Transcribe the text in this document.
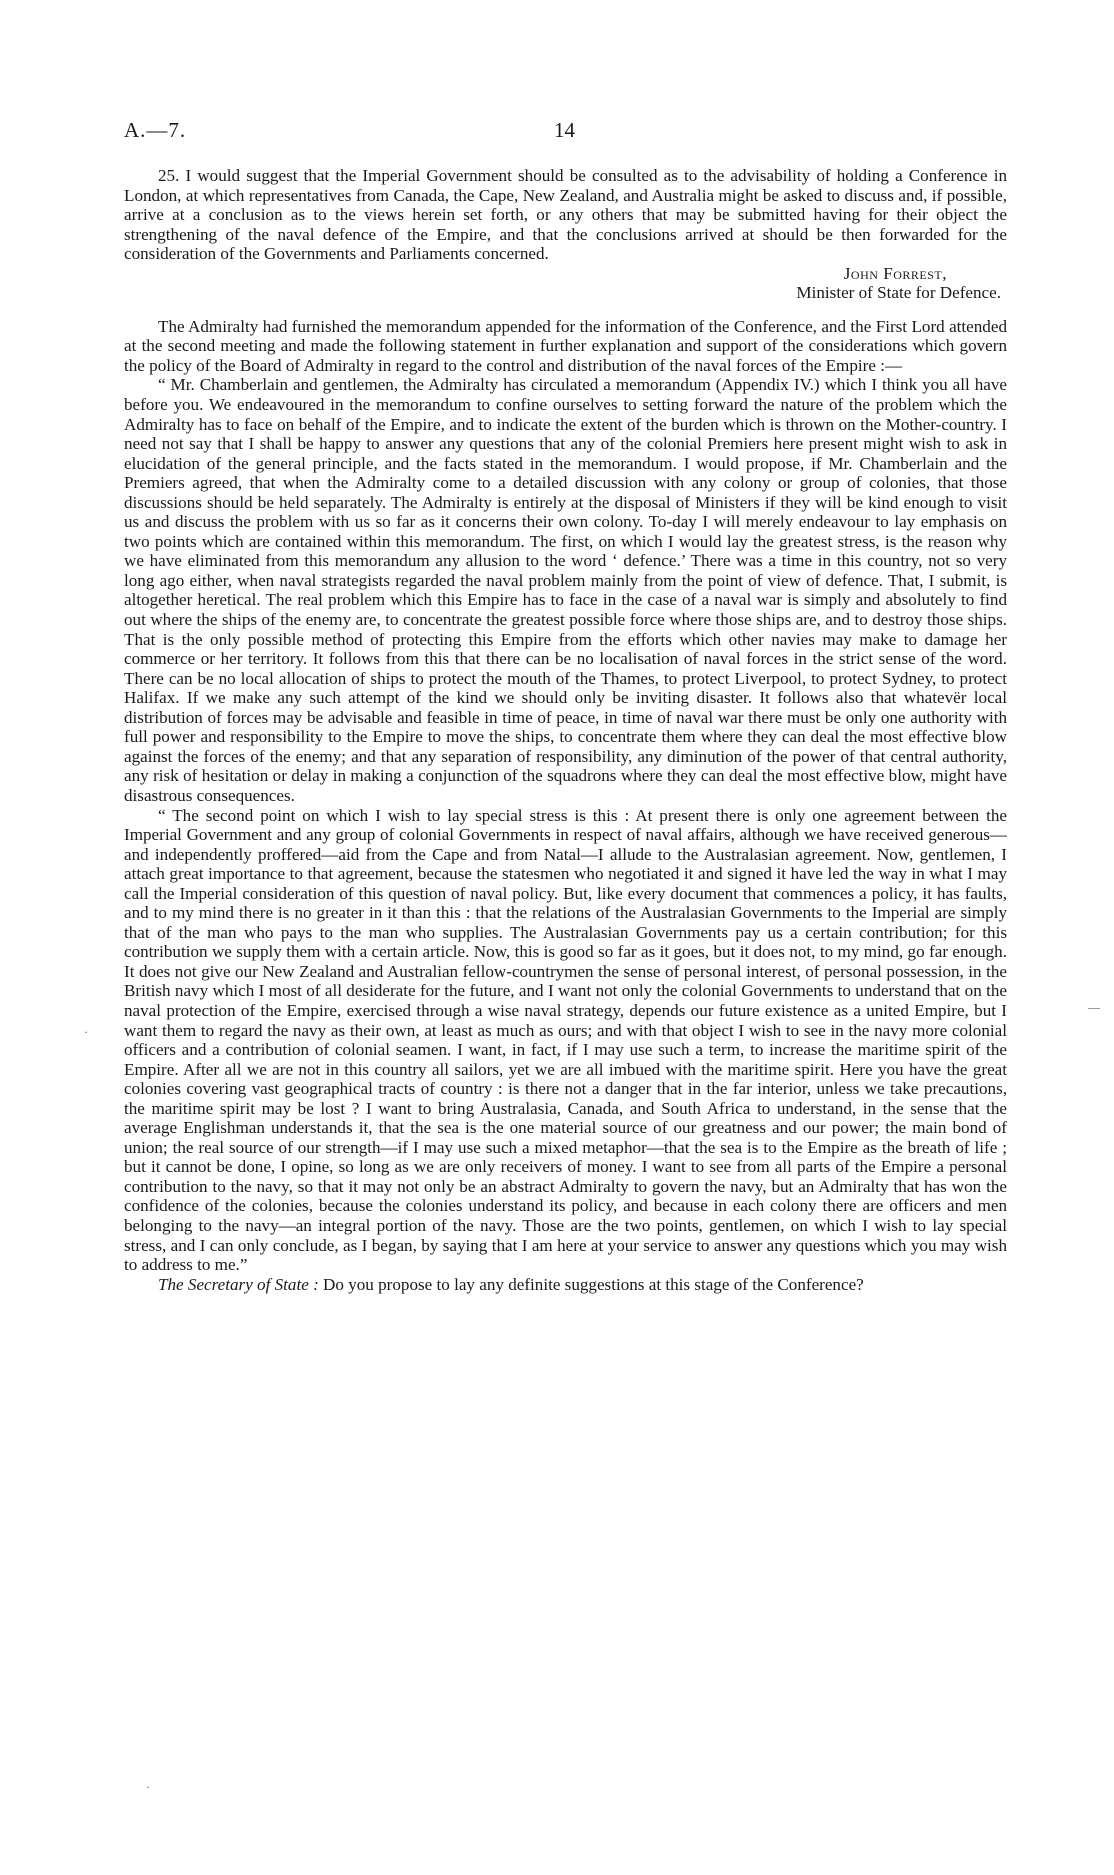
A.—7.	14

25. I would suggest that the Imperial Government should be consulted as to the advisability of holding a Conference in London, at which representatives from Canada, the Cape, New Zealand, and Australia might be asked to discuss and, if possible, arrive at a conclusion as to the views herein set forth, or any others that may be submitted having for their object the strengthening of the naval defence of the Empire, and that the conclusions arrived at should be then forwarded for the consideration of the Governments and Parliaments concerned.

John Forrest,
Minister of State for Defence.

The Admiralty had furnished the memorandum appended for the information of the Conference, and the First Lord attended at the second meeting and made the following statement in further explanation and support of the considerations which govern the policy of the Board of Admiralty in regard to the control and distribution of the naval forces of the Empire :—

“ Mr. Chamberlain and gentlemen, the Admiralty has circulated a memorandum (Appendix IV.) which I think you all have before you. We endeavoured in the memorandum to confine ourselves to setting forward the nature of the problem which the Admiralty has to face on behalf of the Empire, and to indicate the extent of the burden which is thrown on the Mother-country. I need not say that I shall be happy to answer any questions that any of the colonial Premiers here present might wish to ask in elucidation of the general principle, and the facts stated in the memorandum. I would propose, if Mr. Chamberlain and the Premiers agreed, that when the Admiralty come to a detailed discussion with any colony or group of colonies, that those discussions should be held separately. The Admiralty is entirely at the disposal of Ministers if they will be kind enough to visit us and discuss the problem with us so far as it concerns their own colony. To-day I will merely endeavour to lay emphasis on two points which are contained within this memorandum. The first, on which I would lay the greatest stress, is the reason why we have eliminated from this memorandum any allusion to the word ‘ defence.’ There was a time in this country, not so very long ago either, when naval strategists regarded the naval problem mainly from the point of view of defence. That, I submit, is altogether heretical. The real problem which this Empire has to face in the case of a naval war is simply and absolutely to find out where the ships of the enemy are, to concentrate the greatest possible force where those ships are, and to destroy those ships. That is the only possible method of protecting this Empire from the efforts which other navies may make to damage her commerce or her territory. It follows from this that there can be no localisation of naval forces in the strict sense of the word. There can be no local allocation of ships to protect the mouth of the Thames, to protect Liverpool, to protect Sydney, to protect Halifax. If we make any such attempt of the kind we should only be inviting disaster. It follows also that whatevër local distribution of forces may be advisable and feasible in time of peace, in time of naval war there must be only one authority with full power and responsibility to the Empire to move the ships, to concentrate them where they can deal the most effective blow against the forces of the enemy; and that any separation of responsibility, any diminution of the power of that central authority, any risk of hesitation or delay in making a conjunction of the squadrons where they can deal the most effective blow, might have disastrous consequences.

“ The second point on which I wish to lay special stress is this : At present there is only one agreement between the Imperial Government and any group of colonial Governments in respect of naval affairs, although we have received generous—and independently proffered—aid from the Cape and from Natal—I allude to the Australasian agreement. Now, gentlemen, I attach great importance to that agreement, because the statesmen who negotiated it and signed it have led the way in what I may call the Imperial consideration of this question of naval policy. But, like every document that commences a policy, it has faults, and to my mind there is no greater in it than this : that the relations of the Australasian Governments to the Imperial are simply that of the man who pays to the man who supplies. The Australasian Governments pay us a certain contribution; for this contribution we supply them with a certain article. Now, this is good so far as it goes, but it does not, to my mind, go far enough. It does not give our New Zealand and Australian fellow-countrymen the sense of personal interest, of personal possession, in the British navy which I most of all desiderate for the future, and I want not only the colonial Governments to understand that on the naval protection of the Empire, exercised through a wise naval strategy, depends our future existence as a united Empire, but I want them to regard the navy as their own, at least as much as ours; and with that object I wish to see in the navy more colonial officers and a contribution of colonial seamen. I want, in fact, if I may use such a term, to increase the maritime spirit of the Empire. After all we are not in this country all sailors, yet we are all imbued with the maritime spirit. Here you have the great colonies covering vast geographical tracts of country : is there not a danger that in the far interior, unless we take precautions, the maritime spirit may be lost ? I want to bring Australasia, Canada, and South Africa to understand, in the sense that the average Englishman understands it, that the sea is the one material source of our greatness and our power; the main bond of union; the real source of our strength—if I may use such a mixed metaphor—that the sea is to the Empire as the breath of life ; but it cannot be done, I opine, so long as we are only receivers of money. I want to see from all parts of the Empire a personal contribution to the navy, so that it may not only be an abstract Admiralty to govern the navy, but an Admiralty that has won the confidence of the colonies, because the colonies understand its policy, and because in each colony there are officers and men belonging to the navy—an integral portion of the navy. Those are the two points, gentlemen, on which I wish to lay special stress, and I can only conclude, as I began, by saying that I am here at your service to answer any questions which you may wish to address to me.”

The Secretary of State : Do you propose to lay any definite suggestions at this stage of the Conference?

—
·
·
